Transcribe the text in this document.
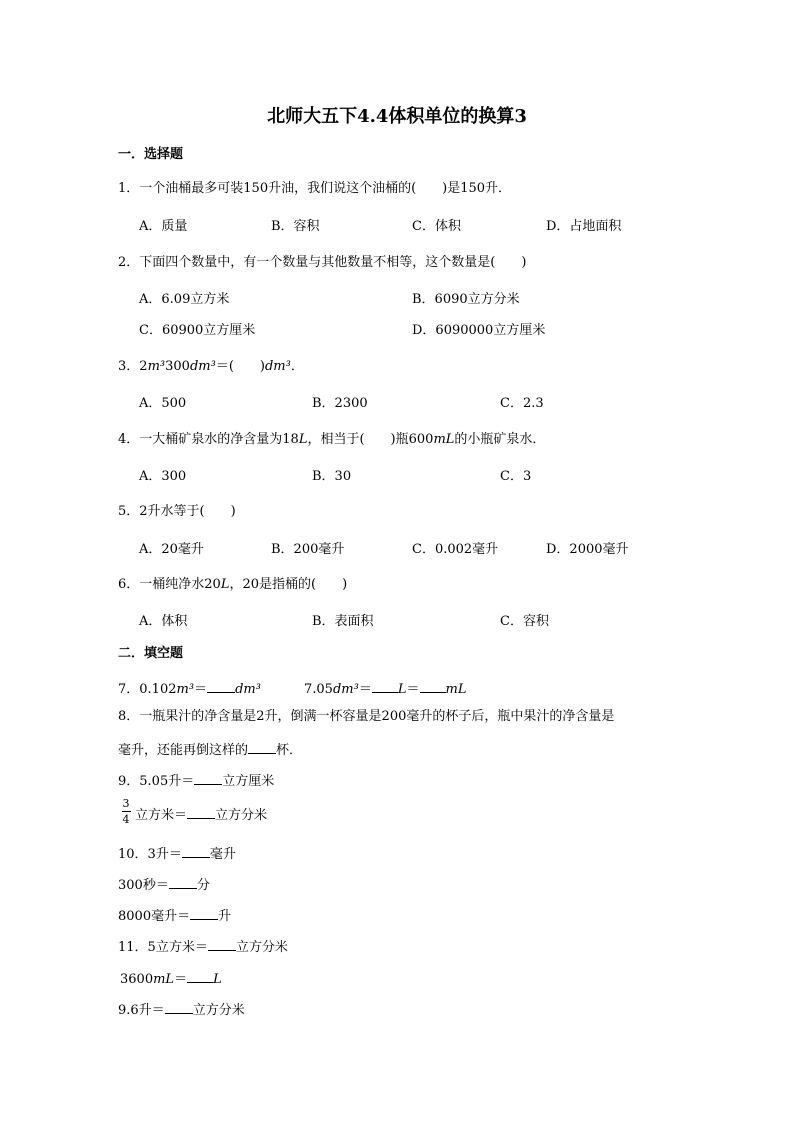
北师大五下4.4体积单位的换算3
一．选择题
1．一个油桶最多可装150升油，我们说这个油桶的(　　)是150升．
A．质量	B．容积	C．体积	D．占地面积
2．下面四个数量中，有一个数量与其他数量不相等，这个数量是(　　)
A．6.09立方米	B．6090立方分米
C．60900立方厘米	D．6090000立方厘米
3．2m³300dm³＝(　　)dm³．
A．500	B．2300	C．2.3
4．一大桶矿泉水的净含量为18L，相当于(　　)瓶600mL的小瓶矿泉水．
A．300	B．30	C．3
5．2升水等于(　　)
A．20毫升	B．200毫升	C．0.002毫升	D．2000毫升
6．一桶纯净水20L，20是指桶的(　　)
A．体积	B．表面积	C．容积
二．填空题
7．0.102m³＝ dm³	7.05dm³＝ L＝ mL
8．一瓶果汁的净含量是2升，倒满一杯容量是200毫升的杯子后，瓶中果汁的净含量是
毫升，还能再倒这样的 杯．
9．5.05升＝ 立方厘米
3
4 立方米＝ 立方分米
10．3升＝ 毫升
300秒＝ 分
8000毫升＝ 升
11．5立方米＝ 立方分米
3600mL＝ L
9.6升＝ 立方分米
